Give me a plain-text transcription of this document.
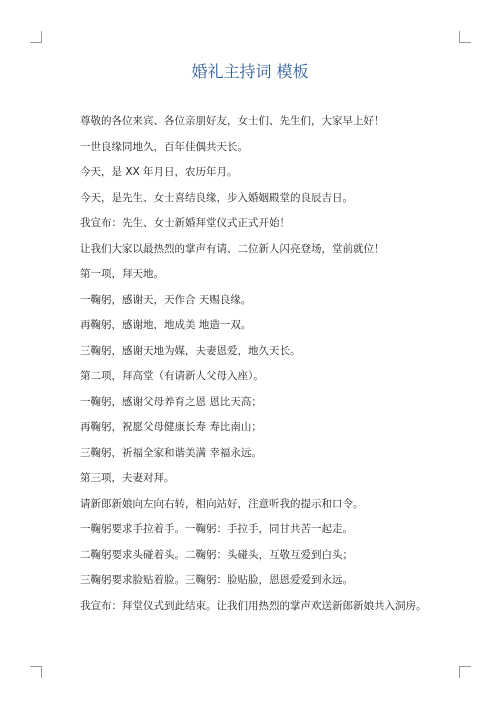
婚礼主持词 模板
尊敬的各位来宾、各位亲朋好友，女士们、先生们，大家早上好！
一世良缘同地久，百年佳偶共天长。
今天，是 XX 年月日，农历年月。
今天，是先生、女士喜结良缘，步入婚姻殿堂的良辰吉日。
我宣布：先生、女士新婚拜堂仪式正式开始！
让我们大家以最热烈的掌声有请、二位新人闪亮登场，堂前就位！
第一项，拜天地。
一鞠躬，感谢天，天作合 天赐良缘。
再鞠躬，感谢地，地成美 地造一双。
三鞠躬，感谢天地为媒，夫妻恩爱，地久天长。
第二项，拜高堂（有请新人父母入座）。
一鞠躬，感谢父母养育之恩 恩比天高；
再鞠躬，祝愿父母健康长寿 寿比南山；
三鞠躬，祈福全家和谐美满 幸福永远。
第三项，夫妻对拜。
请新郎新娘向左向右转，相向站好，注意听我的提示和口令。
一鞠躬要求手拉着手。一鞠躬：手拉手，同甘共苦一起走。
二鞠躬要求头碰着头。二鞠躬：头碰头，互敬互爱到白头；
三鞠躬要求脸贴着脸。三鞠躬：脸贴脸，恩恩爱爱到永远。
我宣布：拜堂仪式到此结束。让我们用热烈的掌声欢送新郎新娘共入洞房。
